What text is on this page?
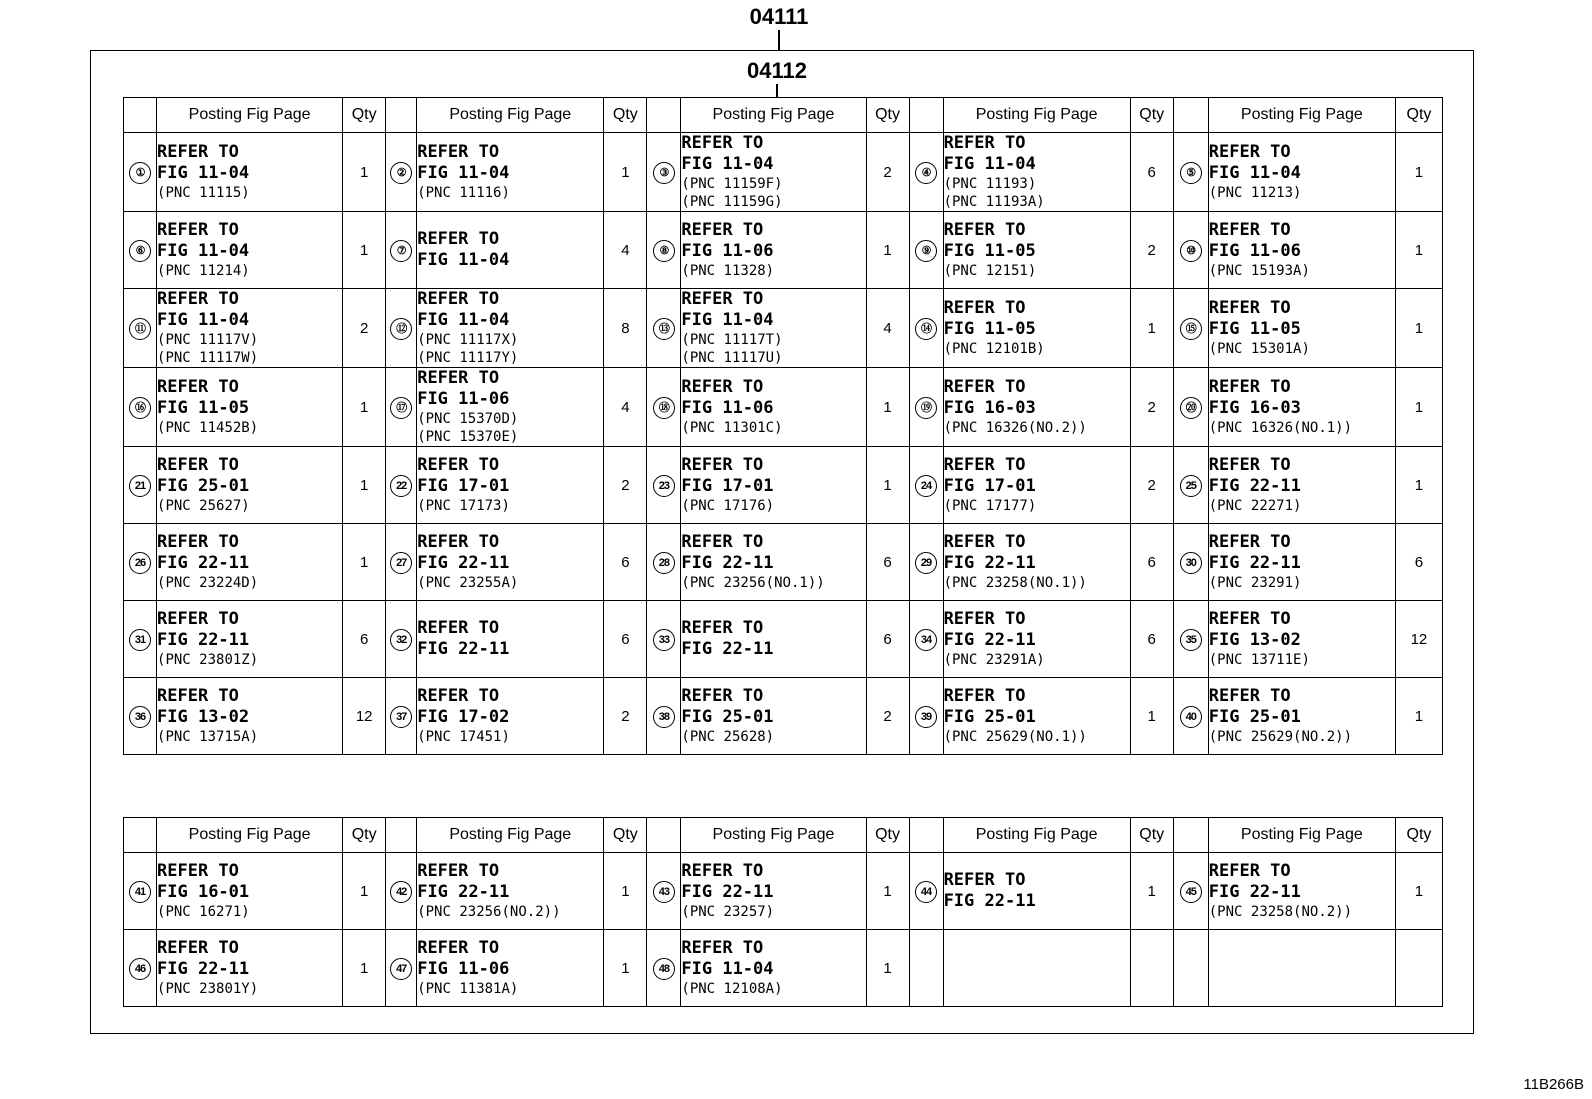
04111
04112
	Posting Fig Page	Qty		Posting Fig Page	Qty		Posting Fig Page	Qty		Posting Fig Page	Qty		Posting Fig Page	Qty
①	REFER TO
FIG 11-04
(PNC 11115)	1	②	REFER TO
FIG 11-04
(PNC 11116)	1	③	REFER TO
FIG 11-04
(PNC 11159F)
(PNC 11159G)	2	④	REFER TO
FIG 11-04
(PNC 11193)
(PNC 11193A)	6	⑤	REFER TO
FIG 11-04
(PNC 11213)	1
⑥	REFER TO
FIG 11-04
(PNC 11214)	1	⑦	REFER TO
FIG 11-04	4	⑧	REFER TO
FIG 11-06
(PNC 11328)	1	⑨	REFER TO
FIG 11-05
(PNC 12151)	2	⑩	REFER TO
FIG 11-06
(PNC 15193A)	1
⑪	REFER TO
FIG 11-04
(PNC 11117V)
(PNC 11117W)	2	⑫	REFER TO
FIG 11-04
(PNC 11117X)
(PNC 11117Y)	8	⑬	REFER TO
FIG 11-04
(PNC 11117T)
(PNC 11117U)	4	⑭	REFER TO
FIG 11-05
(PNC 12101B)	1	⑮	REFER TO
FIG 11-05
(PNC 15301A)	1
⑯	REFER TO
FIG 11-05
(PNC 11452B)	1	⑰	REFER TO
FIG 11-06
(PNC 15370D)
(PNC 15370E)	4	⑱	REFER TO
FIG 11-06
(PNC 11301C)	1	⑲	REFER TO
FIG 16-03
(PNC 16326(NO.2))	2	⑳	REFER TO
FIG 16-03
(PNC 16326(NO.1))	1
21	REFER TO
FIG 25-01
(PNC 25627)	1	22	REFER TO
FIG 17-01
(PNC 17173)	2	23	REFER TO
FIG 17-01
(PNC 17176)	1	24	REFER TO
FIG 17-01
(PNC 17177)	2	25	REFER TO
FIG 22-11
(PNC 22271)	1
26	REFER TO
FIG 22-11
(PNC 23224D)	1	27	REFER TO
FIG 22-11
(PNC 23255A)	6	28	REFER TO
FIG 22-11
(PNC 23256(NO.1))	6	29	REFER TO
FIG 22-11
(PNC 23258(NO.1))	6	30	REFER TO
FIG 22-11
(PNC 23291)	6
31	REFER TO
FIG 22-11
(PNC 23801Z)	6	32	REFER TO
FIG 22-11	6	33	REFER TO
FIG 22-11	6	34	REFER TO
FIG 22-11
(PNC 23291A)	6	35	REFER TO
FIG 13-02
(PNC 13711E)	12
36	REFER TO
FIG 13-02
(PNC 13715A)	12	37	REFER TO
FIG 17-02
(PNC 17451)	2	38	REFER TO
FIG 25-01
(PNC 25628)	2	39	REFER TO
FIG 25-01
(PNC 25629(NO.1))	1	40	REFER TO
FIG 25-01
(PNC 25629(NO.2))	1
	Posting Fig Page	Qty		Posting Fig Page	Qty		Posting Fig Page	Qty		Posting Fig Page	Qty		Posting Fig Page	Qty
41	REFER TO
FIG 16-01
(PNC 16271)	1	42	REFER TO
FIG 22-11
(PNC 23256(NO.2))	1	43	REFER TO
FIG 22-11
(PNC 23257)	1	44	REFER TO
FIG 22-11	1	45	REFER TO
FIG 22-11
(PNC 23258(NO.2))	1
46	REFER TO
FIG 22-11
(PNC 23801Y)	1	47	REFER TO
FIG 11-06
(PNC 11381A)	1	48	REFER TO
FIG 11-04
(PNC 12108A)	1						
11B266B
